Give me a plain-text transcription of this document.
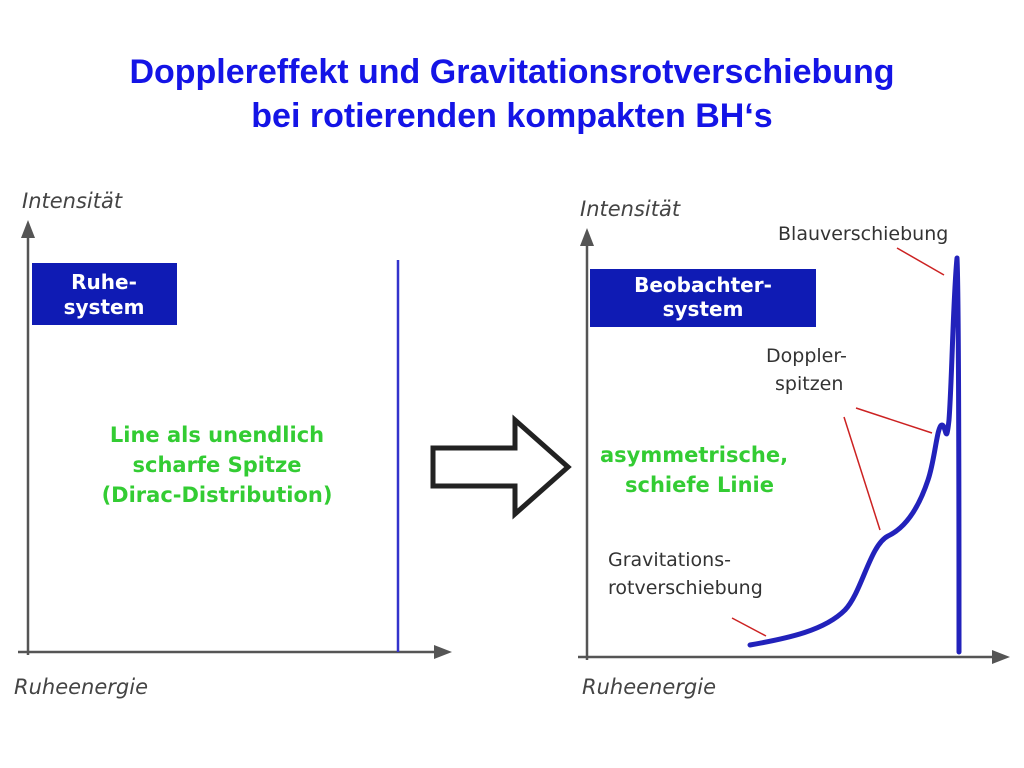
Dopplereffekt und Gravitationsrotverschiebung
bei rotierenden kompakten BH‘s
Intensität
Ruheenergie
Ruhe-
system
Line als unendlich
scharfe Spitze
(Dirac-Distribution)
Intensität
Ruheenergie
Beobachter-
system
Blauverschiebung
Doppler-
spitzen
asymmetrische,
schiefe Linie
Gravitations-
rotverschiebung
